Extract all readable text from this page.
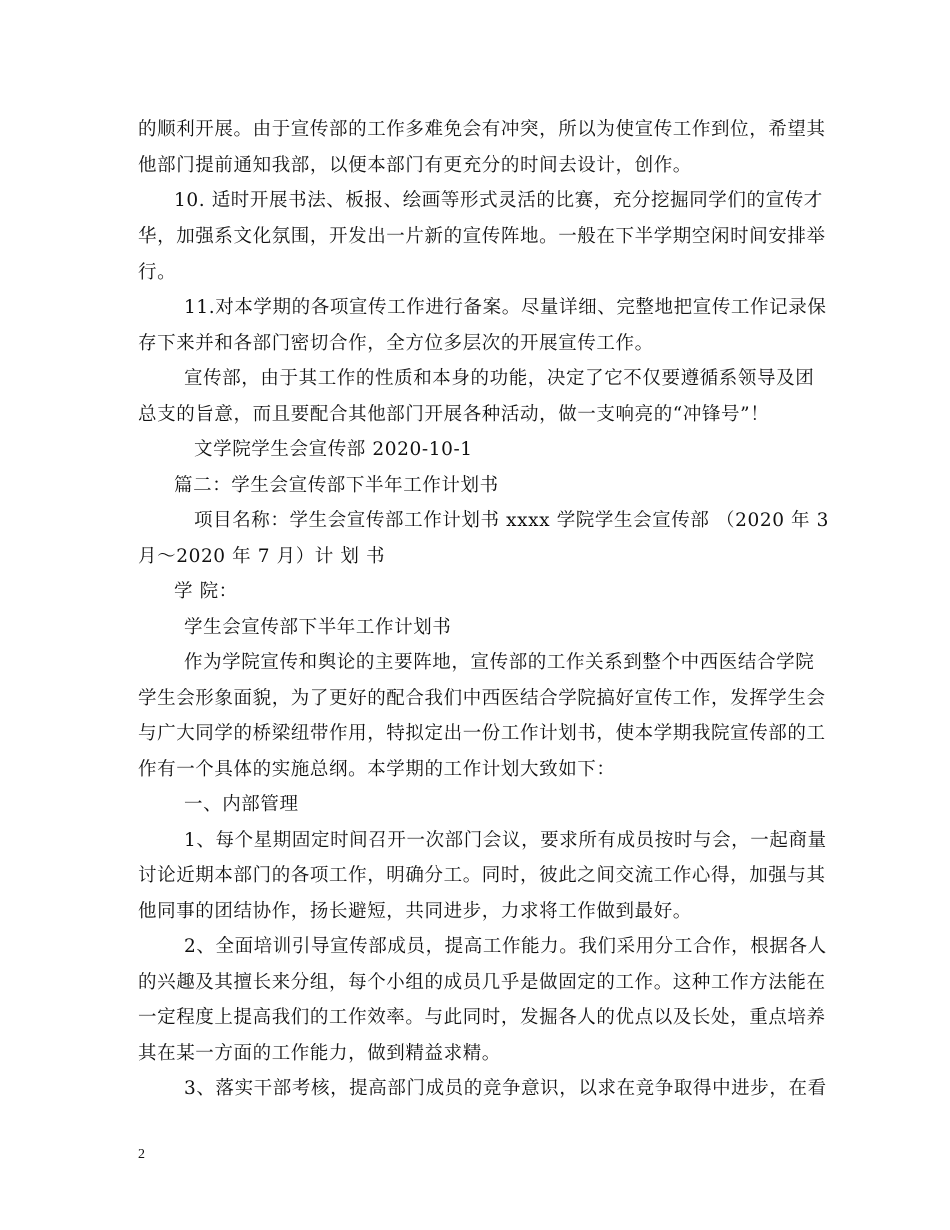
的顺利开展。由于宣传部的工作多难免会有冲突，所以为使宣传工作到位，希望其
他部门提前通知我部，以便本部门有更充分的时间去设计，创作。
10. 适时开展书法、板报、绘画等形式灵活的比赛，充分挖掘同学们的宣传才
华，加强系文化氛围，开发出一片新的宣传阵地。一般在下半学期空闲时间安排举
行。
11.对本学期的各项宣传工作进行备案。尽量详细、完整地把宣传工作记录保
存下来并和各部门密切合作，全方位多层次的开展宣传工作。
宣传部，由于其工作的性质和本身的功能，决定了它不仅要遵循系领导及团
总支的旨意，而且要配合其他部门开展各种活动，做一支响亮的“冲锋号”！
文学院学生会宣传部 2020-10-1
篇二：学生会宣传部下半年工作计划书
项目名称：学生会宣传部工作计划书 xxxx 学院学生会宣传部 （2020 年 3
月～2020 年 7 月）计 划 书
学 院：
学生会宣传部下半年工作计划书
作为学院宣传和舆论的主要阵地，宣传部的工作关系到整个中西医结合学院
学生会形象面貌，为了更好的配合我们中西医结合学院搞好宣传工作，发挥学生会
与广大同学的桥梁纽带作用，特拟定出一份工作计划书，使本学期我院宣传部的工
作有一个具体的实施总纲。本学期的工作计划大致如下：
一、内部管理
1、每个星期固定时间召开一次部门会议，要求所有成员按时与会，一起商量
讨论近期本部门的各项工作，明确分工。同时，彼此之间交流工作心得，加强与其
他同事的团结协作，扬长避短，共同进步，力求将工作做到最好。
2、全面培训引导宣传部成员，提高工作能力。我们采用分工合作，根据各人
的兴趣及其擅长来分组，每个小组的成员几乎是做固定的工作。这种工作方法能在
一定程度上提高我们的工作效率。与此同时，发掘各人的优点以及长处，重点培养
其在某一方面的工作能力，做到精益求精。
3、落实干部考核，提高部门成员的竞争意识，以求在竞争取得中进步，在看
2
